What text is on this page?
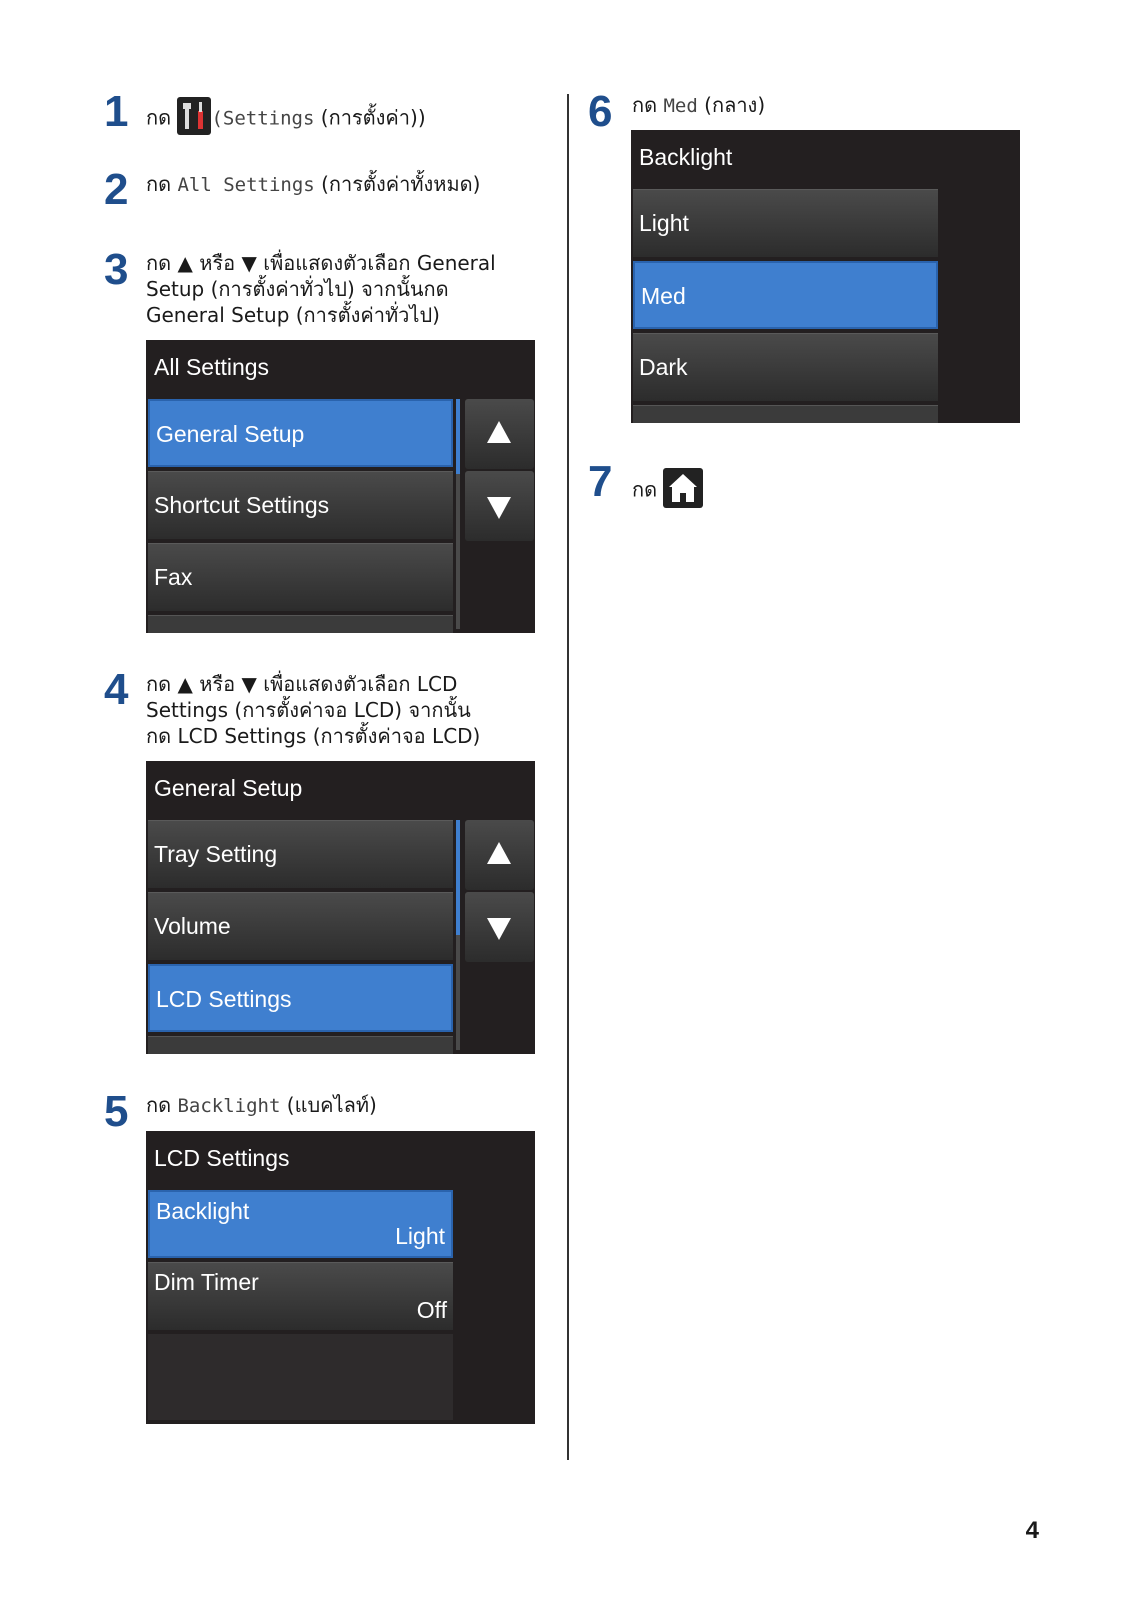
1 กด (Settings (การตั้งค่า))
2 กด All Settings (การตั้งค่าทั้งหมด)
3 กด ▲ หรือ ▼ เพื่อแสดงตัวเลือก General
Setup (การตั้งค่าทั่วไป) จากนั้นกด
General Setup (การตั้งค่าทั่วไป)
All Settings
General Setup
Shortcut Settings
Fax
4 กด ▲ หรือ ▼ เพื่อแสดงตัวเลือก LCD
Settings (การตั้งค่าจอ LCD) จากนั้น
กด LCD Settings (การตั้งค่าจอ LCD)
General Setup
Tray Setting
Volume
LCD Settings
5 กด Backlight (แบคไลท์)
LCD Settings
Backlight
Light
Dim Timer
Off
6 กด Med (กลาง)
Backlight
Light
Med
Dark
7 กด
4
